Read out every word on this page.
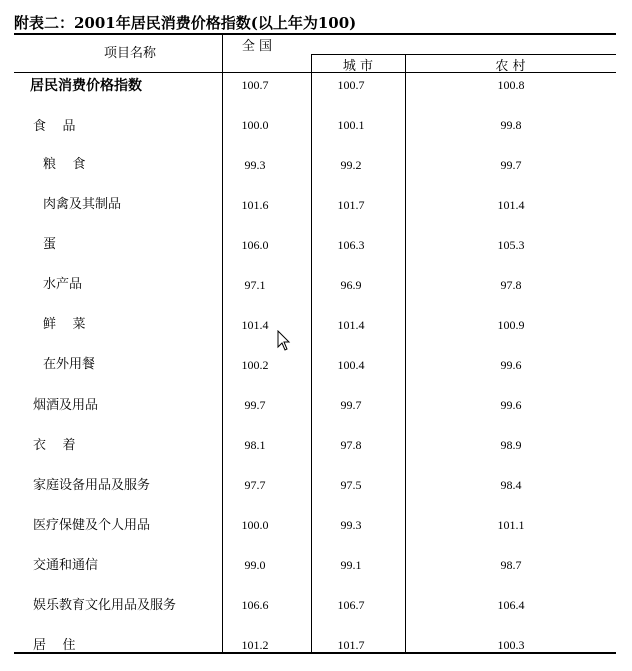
附表二：2001年居民消费价格指数(以上年为100)
项目名称	全 国
城 市	农 村
居民消费价格指数	100.7	100.7	100.8
食    品	100.0	100.1	99.8
粮    食	99.3	99.2	99.7
肉禽及其制品	101.6	101.7	101.4
蛋	106.0	106.3	105.3
水产品	97.1	96.9	97.8
鲜    菜	101.4	101.4	100.9
在外用餐	100.2	100.4	99.6
烟酒及用品	99.7	99.7	99.6
衣    着	98.1	97.8	98.9
家庭设备用品及服务	97.7	97.5	98.4
医疗保健及个人用品	100.0	99.3	101.1
交通和通信	99.0	99.1	98.7
娱乐教育文化用品及服务	106.6	106.7	106.4
居    住	101.2	101.7	100.3
